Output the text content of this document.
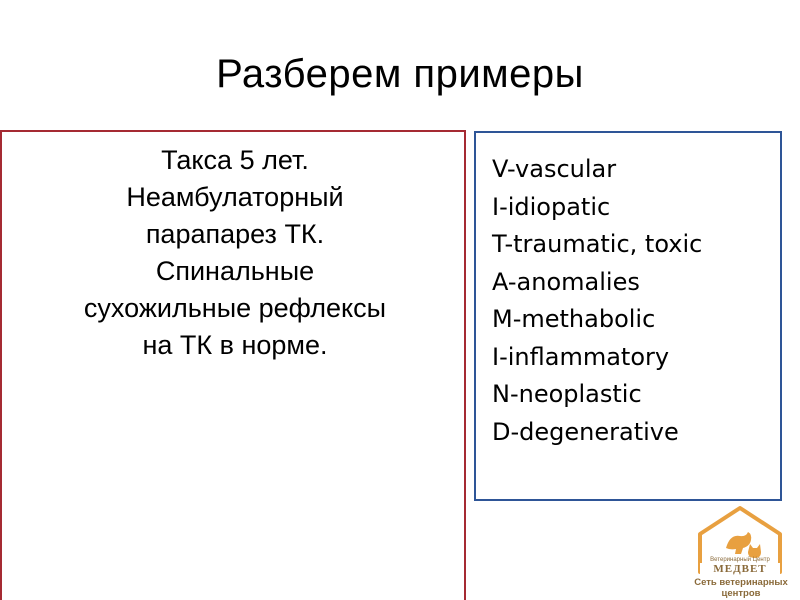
Разберем примеры
Такса 5 лет.
Неамбулаторный
парапарез ТК.
Спинальные
сухожильные рефлексы
на ТК в норме.
V-vascular
I-idiopatic
T-traumatic, toxic
A-anomalies
M-methabolic
I-inflammatory
N-neoplastic
D-degenerative
Ветеринарный Центр
МЕДВЕТ
Сеть ветеринарных
центров
